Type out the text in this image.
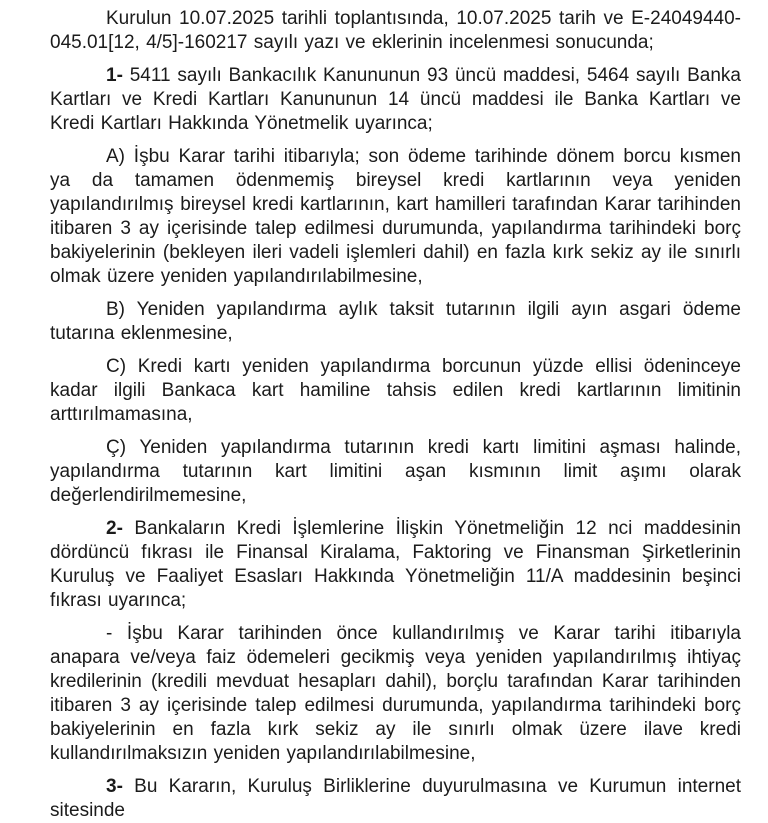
Kurulun 10.07.2025 tarihli toplantısında, 10.07.2025 tarih ve E-24049440-045.01[12, 4/5]-160217 sayılı yazı ve eklerinin incelenmesi sonucunda;

1- 5411 sayılı Bankacılık Kanununun 93 üncü maddesi, 5464 sayılı Banka Kartları ve Kredi Kartları Kanununun 14 üncü maddesi ile Banka Kartları ve Kredi Kartları Hakkında Yönetmelik uyarınca;

A) İşbu Karar tarihi itibarıyla; son ödeme tarihinde dönem borcu kısmen ya da tamamen ödenmemiş bireysel kredi kartlarının veya yeniden yapılandırılmış bireysel kredi kartlarının, kart hamilleri tarafından Karar tarihinden itibaren 3 ay içerisinde talep edilmesi durumunda, yapılandırma tarihindeki borç bakiyelerinin (bekleyen ileri vadeli işlemleri dahil) en fazla kırk sekiz ay ile sınırlı olmak üzere yeniden yapılandırılabilmesine,

B) Yeniden yapılandırma aylık taksit tutarının ilgili ayın asgari ödeme tutarına eklenmesine,

C) Kredi kartı yeniden yapılandırma borcunun yüzde ellisi ödeninceye kadar ilgili Bankaca kart hamiline tahsis edilen kredi kartlarının limitinin arttırılmamasına,

Ç) Yeniden yapılandırma tutarının kredi kartı limitini aşması halinde, yapılandırma tutarının kart limitini aşan kısmının limit aşımı olarak değerlendirilmemesine,

2- Bankaların Kredi İşlemlerine İlişkin Yönetmeliğin 12 nci maddesinin dördüncü fıkrası ile Finansal Kiralama, Faktoring ve Finansman Şirketlerinin Kuruluş ve Faaliyet Esasları Hakkında Yönetmeliğin 11/A maddesinin beşinci fıkrası uyarınca;

- İşbu Karar tarihinden önce kullandırılmış ve Karar tarihi itibarıyla anapara ve/veya faiz ödemeleri gecikmiş veya yeniden yapılandırılmış ihtiyaç kredilerinin (kredili mevduat hesapları dahil), borçlu tarafından Karar tarihinden itibaren 3 ay içerisinde talep edilmesi durumunda, yapılandırma tarihindeki borç bakiyelerinin en fazla kırk sekiz ay ile sınırlı olmak üzere ilave kredi kullandırılmaksızın yeniden yapılandırılabilmesine,

3- Bu Kararın, Kuruluş Birliklerine duyurulmasına ve Kurumun internet sitesinde
